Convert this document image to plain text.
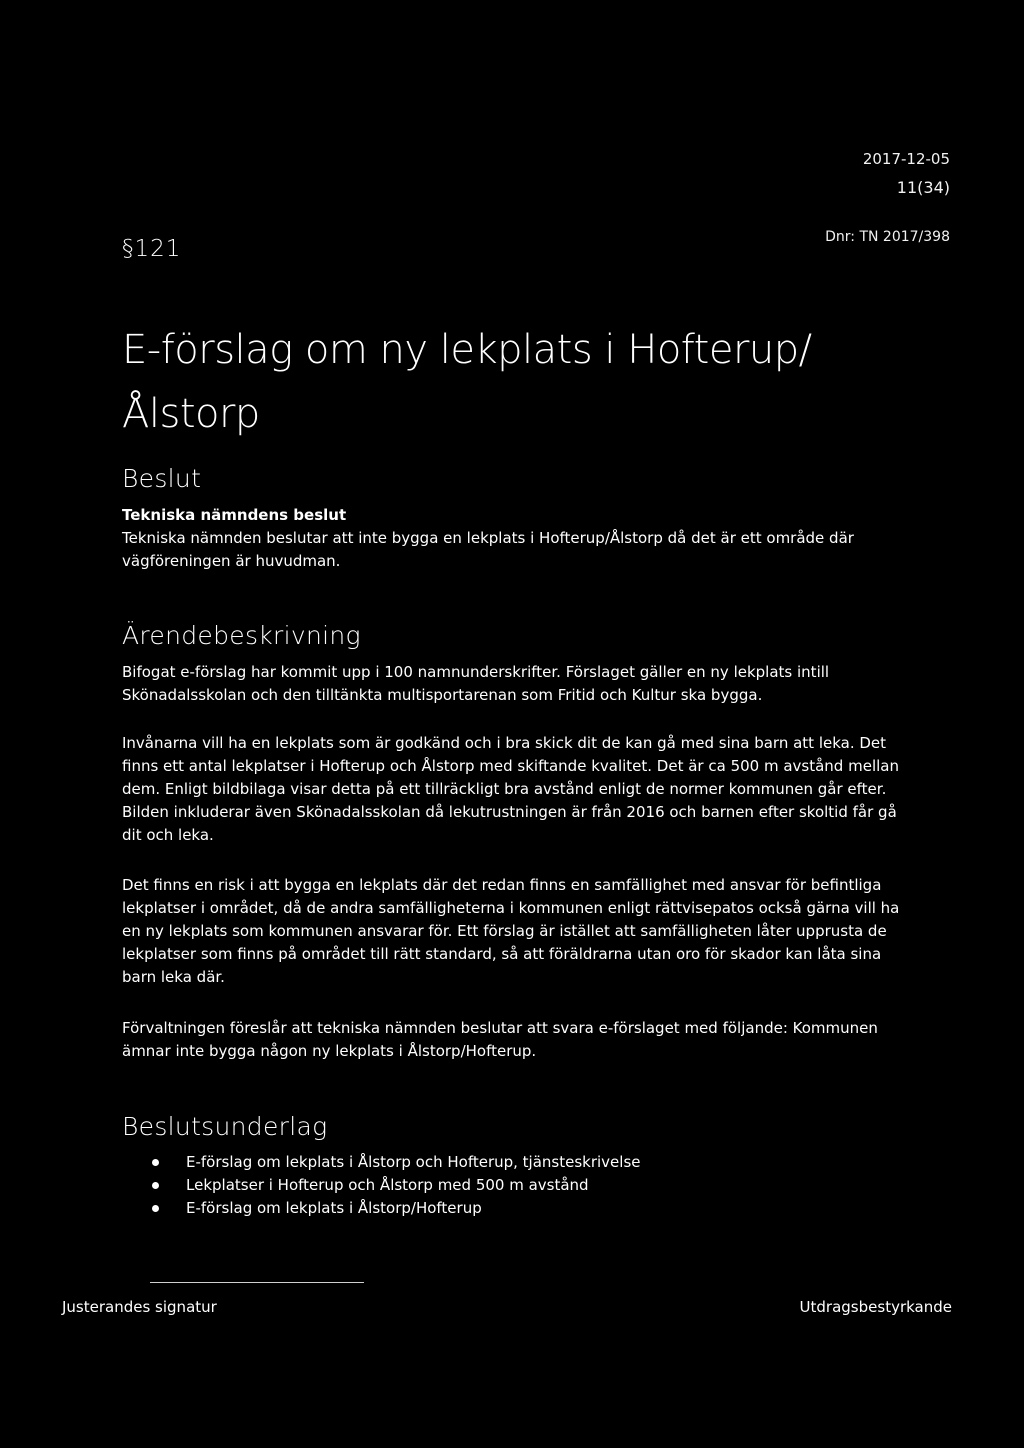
2017-12-05
11(34)
Dnr: TN 2017/398
§121
E-förslag om ny lekplats i Hofterup/Ålstorp
Beslut
Tekniska nämndens beslut

Tekniska nämnden beslutar att inte bygga en lekplats i Hofterup/Ålstorp då det är ett område där vägföreningen är huvudman.

Ärendebeskrivning

Bifogat e-förslag har kommit upp i 100 namnunderskrifter. Förslaget gäller en ny lekplats intill Skönadalsskolan och den tilltänkta multisportarenan som Fritid och Kultur ska bygga.

Invånarna vill ha en lekplats som är godkänd och i bra skick dit de kan gå med sina barn att leka. Det finns ett antal lekplatser i Hofterup och Ålstorp med skiftande kvalitet. Det är ca 500 m avstånd mellan dem. Enligt bildbilaga visar detta på ett tillräckligt bra avstånd enligt de normer kommunen går efter. Bilden inkluderar även Skönadalsskolan då lekutrustningen är från 2016 och barnen efter skoltid får gå dit och leka.

Det finns en risk i att bygga en lekplats där det redan finns en samfällighet med ansvar för befintliga lekplatser i området, då de andra samfälligheterna i kommunen enligt rättvisepatos också gärna vill ha en ny lekplats som kommunen ansvarar för. Ett förslag är istället att samfälligheten låter upprusta de lekplatser som finns på området till rätt standard, så att föräldrarna utan oro för skador kan låta sina barn leka där.

Förvaltningen föreslår att tekniska nämnden beslutar att svara e-förslaget med följande: Kommunen ämnar inte bygga någon ny lekplats i Ålstorp/Hofterup.

Beslutsunderlag
E-förslag om lekplats i Ålstorp och Hofterup, tjänsteskrivelse
Lekplatser i Hofterup och Ålstorp med 500 m avstånd
E-förslag om lekplats i Ålstorp/Hofterup
Justerandes signatur	Utdragsbestyrkande
